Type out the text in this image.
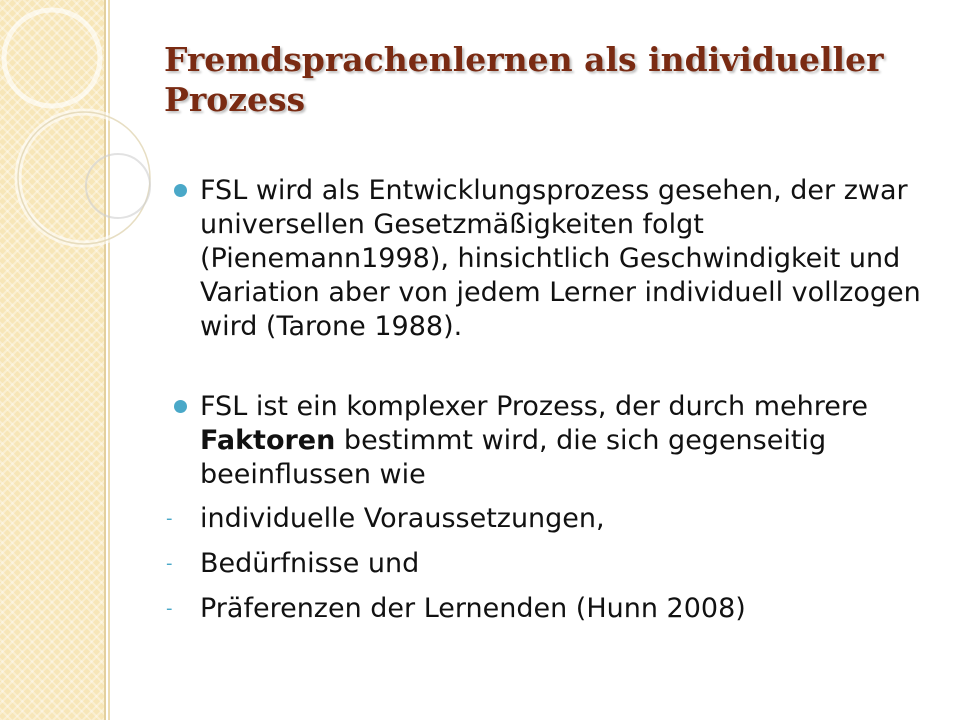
Fremdsprachenlernen als individueller Prozess
FSL wird als Entwicklungsprozess gesehen, der zwar universellen Gesetzmäßigkeiten folgt (Pienemann1998), hinsichtlich Geschwindigkeit und Variation aber von jedem Lerner individuell vollzogen wird (Tarone 1988).
FSL ist ein komplexer Prozess, der durch mehrere Faktoren bestimmt wird, die sich gegenseitig beeinflussen wie
- individuelle Voraussetzungen,
- Bedürfnisse und
- Präferenzen der Lernenden (Hunn 2008)
